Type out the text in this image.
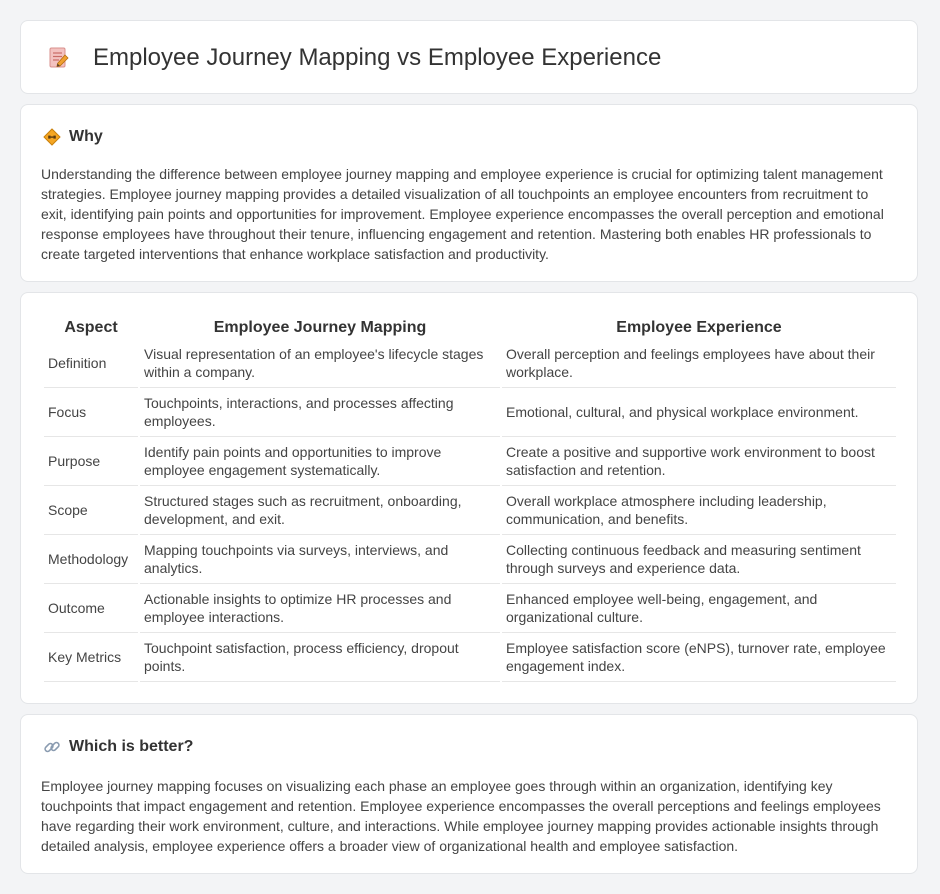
Employee Journey Mapping vs Employee Experience
Why

Understanding the difference between employee journey mapping and employee experience is crucial for optimizing talent management strategies. Employee journey mapping provides a detailed visualization of all touchpoints an employee encounters from recruitment to exit, identifying pain points and opportunities for improvement. Employee experience encompasses the overall perception and emotional response employees have throughout their tenure, influencing engagement and retention. Mastering both enables HR professionals to create targeted interventions that enhance workplace satisfaction and productivity.

Aspect	Employee Journey Mapping	Employee Experience
Definition	Visual representation of an employee's lifecycle stages within a company.	Overall perception and feelings employees have about their workplace.
Focus	Touchpoints, interactions, and processes affecting employees.	Emotional, cultural, and physical workplace environment.
Purpose	Identify pain points and opportunities to improve employee engagement systematically.	Create a positive and supportive work environment to boost satisfaction and retention.
Scope	Structured stages such as recruitment, onboarding, development, and exit.	Overall workplace atmosphere including leadership, communication, and benefits.
Methodology	Mapping touchpoints via surveys, interviews, and analytics.	Collecting continuous feedback and measuring sentiment through surveys and experience data.
Outcome	Actionable insights to optimize HR processes and employee interactions.	Enhanced employee well-being, engagement, and organizational culture.
Key Metrics	Touchpoint satisfaction, process efficiency, dropout points.	Employee satisfaction score (eNPS), turnover rate, employee engagement index.
Which is better?

Employee journey mapping focuses on visualizing each phase an employee goes through within an organization, identifying key touchpoints that impact engagement and retention. Employee experience encompasses the overall perceptions and feelings employees have regarding their work environment, culture, and interactions. While employee journey mapping provides actionable insights through detailed analysis, employee experience offers a broader view of organizational health and employee satisfaction.
